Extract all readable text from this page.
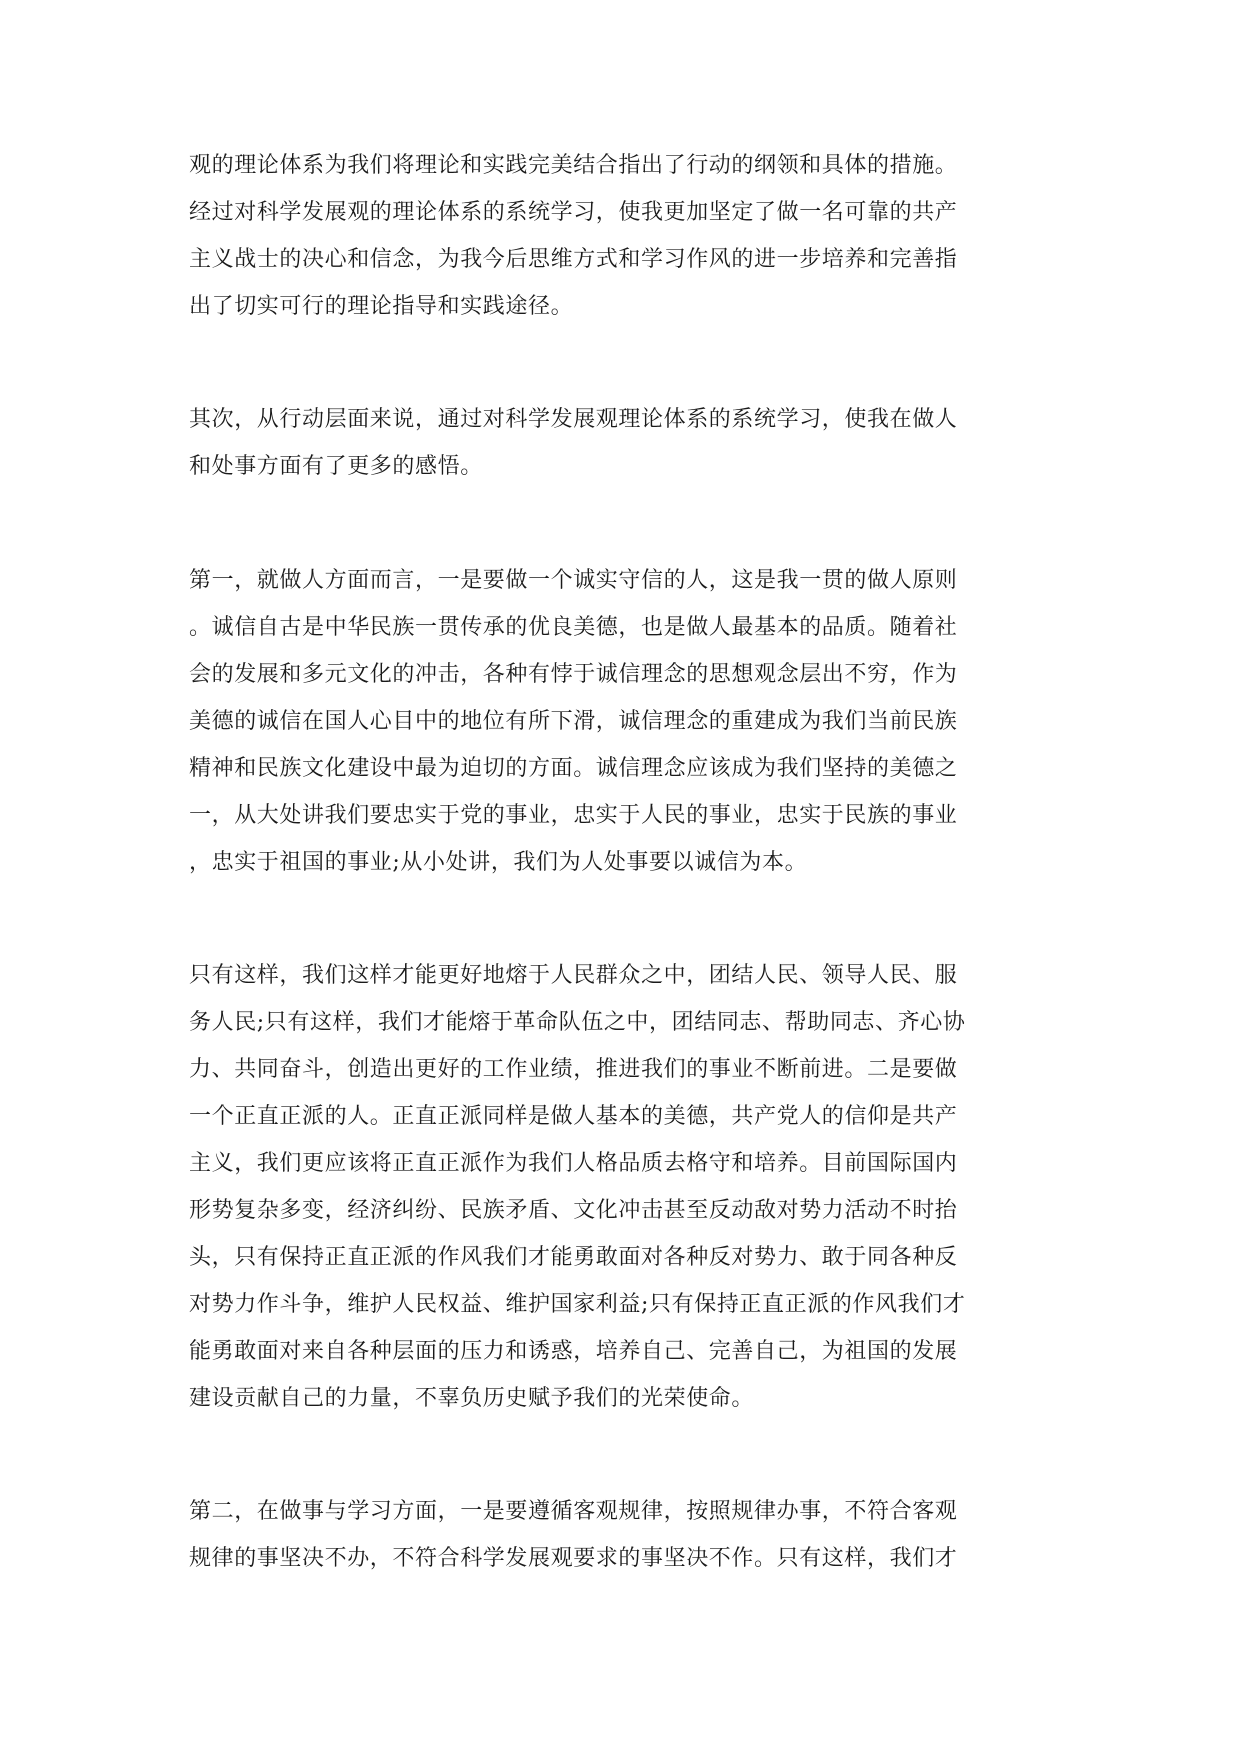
观的理论体系为我们将理论和实践完美结合指出了行动的纲领和具体的措施。
经过对科学发展观的理论体系的系统学习，使我更加坚定了做一名可靠的共产
主义战士的决心和信念，为我今后思维方式和学习作风的进一步培养和完善指
出了切实可行的理论指导和实践途径。

其次，从行动层面来说，通过对科学发展观理论体系的系统学习，使我在做人
和处事方面有了更多的感悟。

第一，就做人方面而言，一是要做一个诚实守信的人，这是我一贯的做人原则
。诚信自古是中华民族一贯传承的优良美德，也是做人最基本的品质。随着社
会的发展和多元文化的冲击，各种有悖于诚信理念的思想观念层出不穷，作为
美德的诚信在国人心目中的地位有所下滑，诚信理念的重建成为我们当前民族
精神和民族文化建设中最为迫切的方面。诚信理念应该成为我们坚持的美德之
一，从大处讲我们要忠实于党的事业，忠实于人民的事业，忠实于民族的事业
，忠实于祖国的事业;从小处讲，我们为人处事要以诚信为本。

只有这样，我们这样才能更好地熔于人民群众之中，团结人民、领导人民、服
务人民;只有这样，我们才能熔于革命队伍之中，团结同志、帮助同志、齐心协
力、共同奋斗，创造出更好的工作业绩，推进我们的事业不断前进。二是要做
一个正直正派的人。正直正派同样是做人基本的美德，共产党人的信仰是共产
主义，我们更应该将正直正派作为我们人格品质去格守和培养。目前国际国内
形势复杂多变，经济纠纷、民族矛盾、文化冲击甚至反动敌对势力活动不时抬
头，只有保持正直正派的作风我们才能勇敢面对各种反对势力、敢于同各种反
对势力作斗争，维护人民权益、维护国家利益;只有保持正直正派的作风我们才
能勇敢面对来自各种层面的压力和诱惑，培养自己、完善自己，为祖国的发展
建设贡献自己的力量，不辜负历史赋予我们的光荣使命。

第二，在做事与学习方面，一是要遵循客观规律，按照规律办事，不符合客观
规律的事坚决不办，不符合科学发展观要求的事坚决不作。只有这样，我们才
